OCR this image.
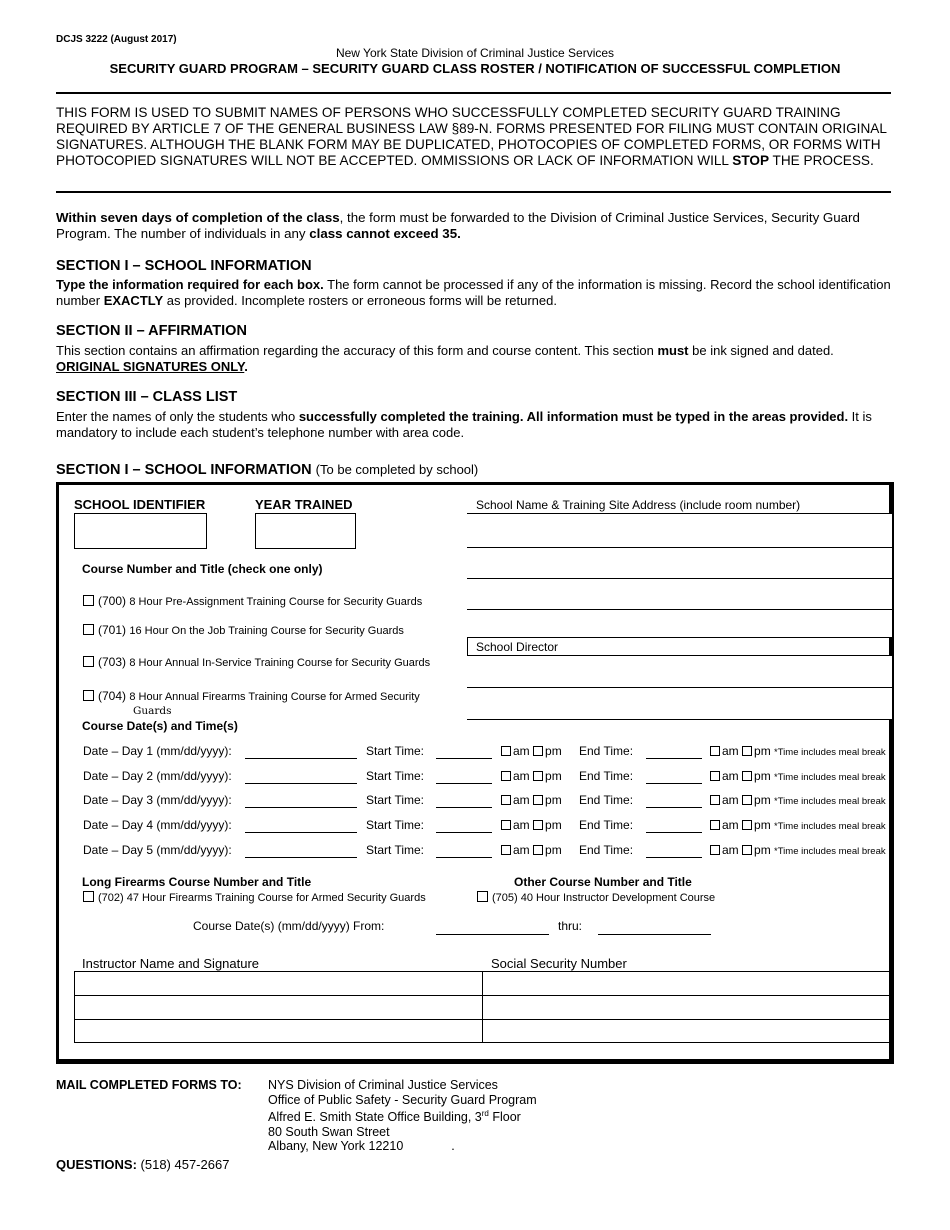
DCJS 3222 (August 2017)
New York State Division of Criminal Justice Services
SECURITY GUARD PROGRAM – SECURITY GUARD CLASS ROSTER / NOTIFICATION OF SUCCESSFUL COMPLETION
THIS FORM IS USED TO SUBMIT NAMES OF PERSONS WHO SUCCESSFULLY COMPLETED SECURITY GUARD TRAINING REQUIRED BY ARTICLE 7 OF THE GENERAL BUSINESS LAW §89-N. FORMS PRESENTED FOR FILING MUST CONTAIN ORIGINAL SIGNATURES. ALTHOUGH THE BLANK FORM MAY BE DUPLICATED, PHOTOCOPIES OF COMPLETED FORMS, OR FORMS WITH PHOTOCOPIED SIGNATURES WILL NOT BE ACCEPTED. OMMISSIONS OR LACK OF INFORMATION WILL STOP THE PROCESS.
Within seven days of completion of the class, the form must be forwarded to the Division of Criminal Justice Services, Security Guard Program. The number of individuals in any class cannot exceed 35.
SECTION I – SCHOOL INFORMATION
Type the information required for each box. The form cannot be processed if any of the information is missing. Record the school identification number EXACTLY as provided. Incomplete rosters or erroneous forms will be returned.
SECTION II – AFFIRMATION
This section contains an affirmation regarding the accuracy of this form and course content. This section must be ink signed and dated.
ORIGINAL SIGNATURES ONLY.
SECTION III – CLASS LIST
Enter the names of only the students who successfully completed the training. All information must be typed in the areas provided. It is mandatory to include each student’s telephone number with area code.
SECTION I – SCHOOL INFORMATION (To be completed by school)
SCHOOL IDENTIFIER	YEAR TRAINED	School Name & Training Site Address (include room number)
School Director
Course Number and Title (check one only)
(700) 8 Hour Pre-Assignment Training Course for Security Guards
(701) 16 Hour On the Job Training Course for Security Guards
(703) 8 Hour Annual In-Service Training Course for Security Guards
(704) 8 Hour Annual Firearms Training Course for Armed Security
Guards
Course Date(s) and Time(s)
Date – Day 1 (mm/dd/yyyy):	Start Time:	am pm End Time:	am pm *Time includes meal break
Date – Day 2 (mm/dd/yyyy):	Start Time:	am pm End Time:	am pm *Time includes meal break
Date – Day 3 (mm/dd/yyyy):	Start Time:	am pm End Time:	am pm *Time includes meal break
Date – Day 4 (mm/dd/yyyy):	Start Time:	am pm End Time:	am pm *Time includes meal break
Date – Day 5 (mm/dd/yyyy):	Start Time:	am pm End Time:	am pm *Time includes meal break
Long Firearms Course Number and Title
(702) 47 Hour Firearms Training Course for Armed Security Guards
Other Course Number and Title
(705) 40 Hour Instructor Development Course
Course Date(s) (mm/dd/yyyy) From:	thru:
Instructor Name and Signature	Social Security Number
MAIL COMPLETED FORMS TO: NYS Division of Criminal Justice Services
Office of Public Safety - Security Guard Program
Alfred E. Smith State Office Building, 3rd Floor
80 South Swan Street
Albany, New York 12210	.
QUESTIONS: (518) 457-2667
